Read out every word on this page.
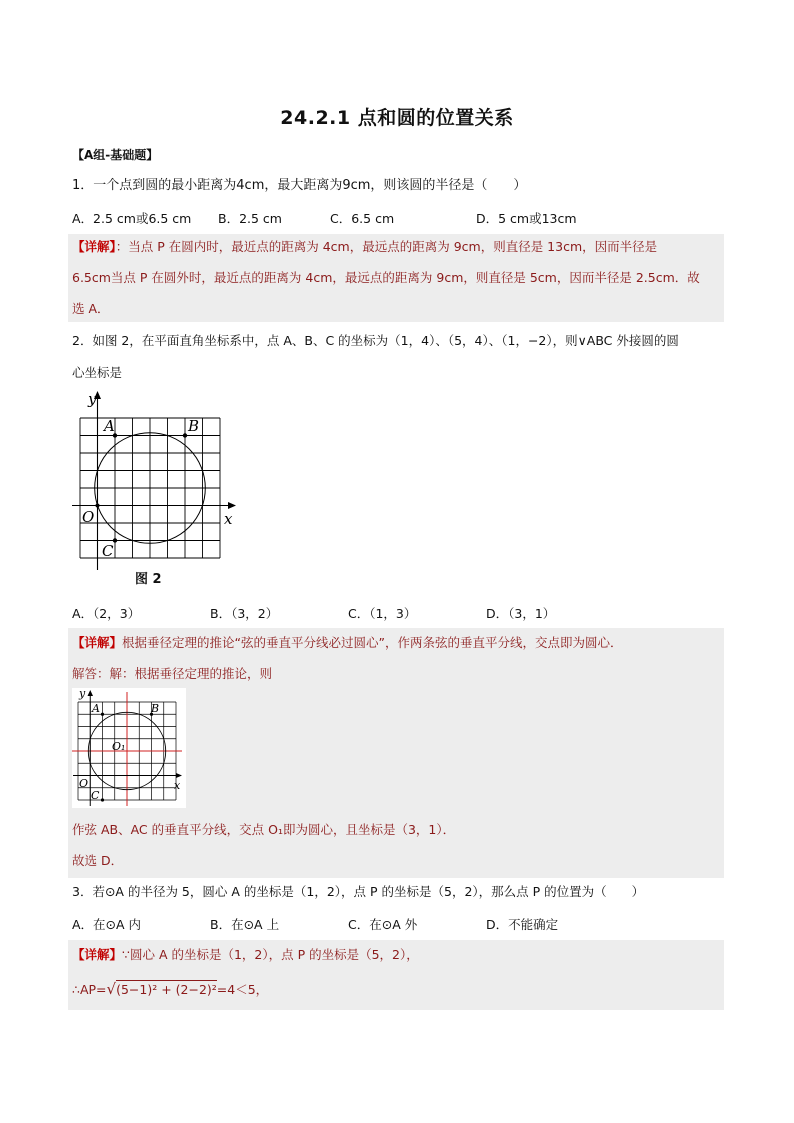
24.2.1 点和圆的位置关系
【A组-基础题】
1．一个点到圆的最小距离为4cm，最大距离为9cm，则该圆的半径是（　　）
A．2.5 cm或6.5 cm B．2.5 cm	C．6.5 cm	D．5 cm或13cm
【详解】：当点 P 在圆内时，最近点的距离为 4cm，最远点的距离为 9cm，则直径是 13cm，因而半径是
6.5cm当点 P 在圆外时，最近点的距离为 4cm，最远点的距离为 9cm，则直径是 5cm，因而半径是 2.5cm．故
选 A．
2．如图 2，在平面直角坐标系中，点 A、B、C 的坐标为（1，4）、（5，4）、（1，−2），则∨ABC 外接圆的圆
心坐标是
y
x
O
A	B
C
图 2
A．（2，3）	B．（3，2）	C．（1，3）	D．（3，1）
【详解】根据垂径定理的推论“弦的垂直平分线必过圆心”，作两条弦的垂直平分线，交点即为圆心．
解答：解：根据垂径定理的推论，则
y
x
O
A	B
C
O₁
作弦 AB、AC 的垂直平分线，交点 O₁即为圆心，且坐标是（3，1）．
故选 D．
3．若⊙A 的半径为 5，圆心 A 的坐标是（1，2），点 P 的坐标是（5，2），那么点 P 的位置为（　　）
A．在⊙A 内	B．在⊙A 上	C．在⊙A 外	D．不能确定
【详解】∵圆心 A 的坐标是（1，2），点 P 的坐标是（5，2），
∴AP=√(5−1)² + (2−2)²=4＜5，
